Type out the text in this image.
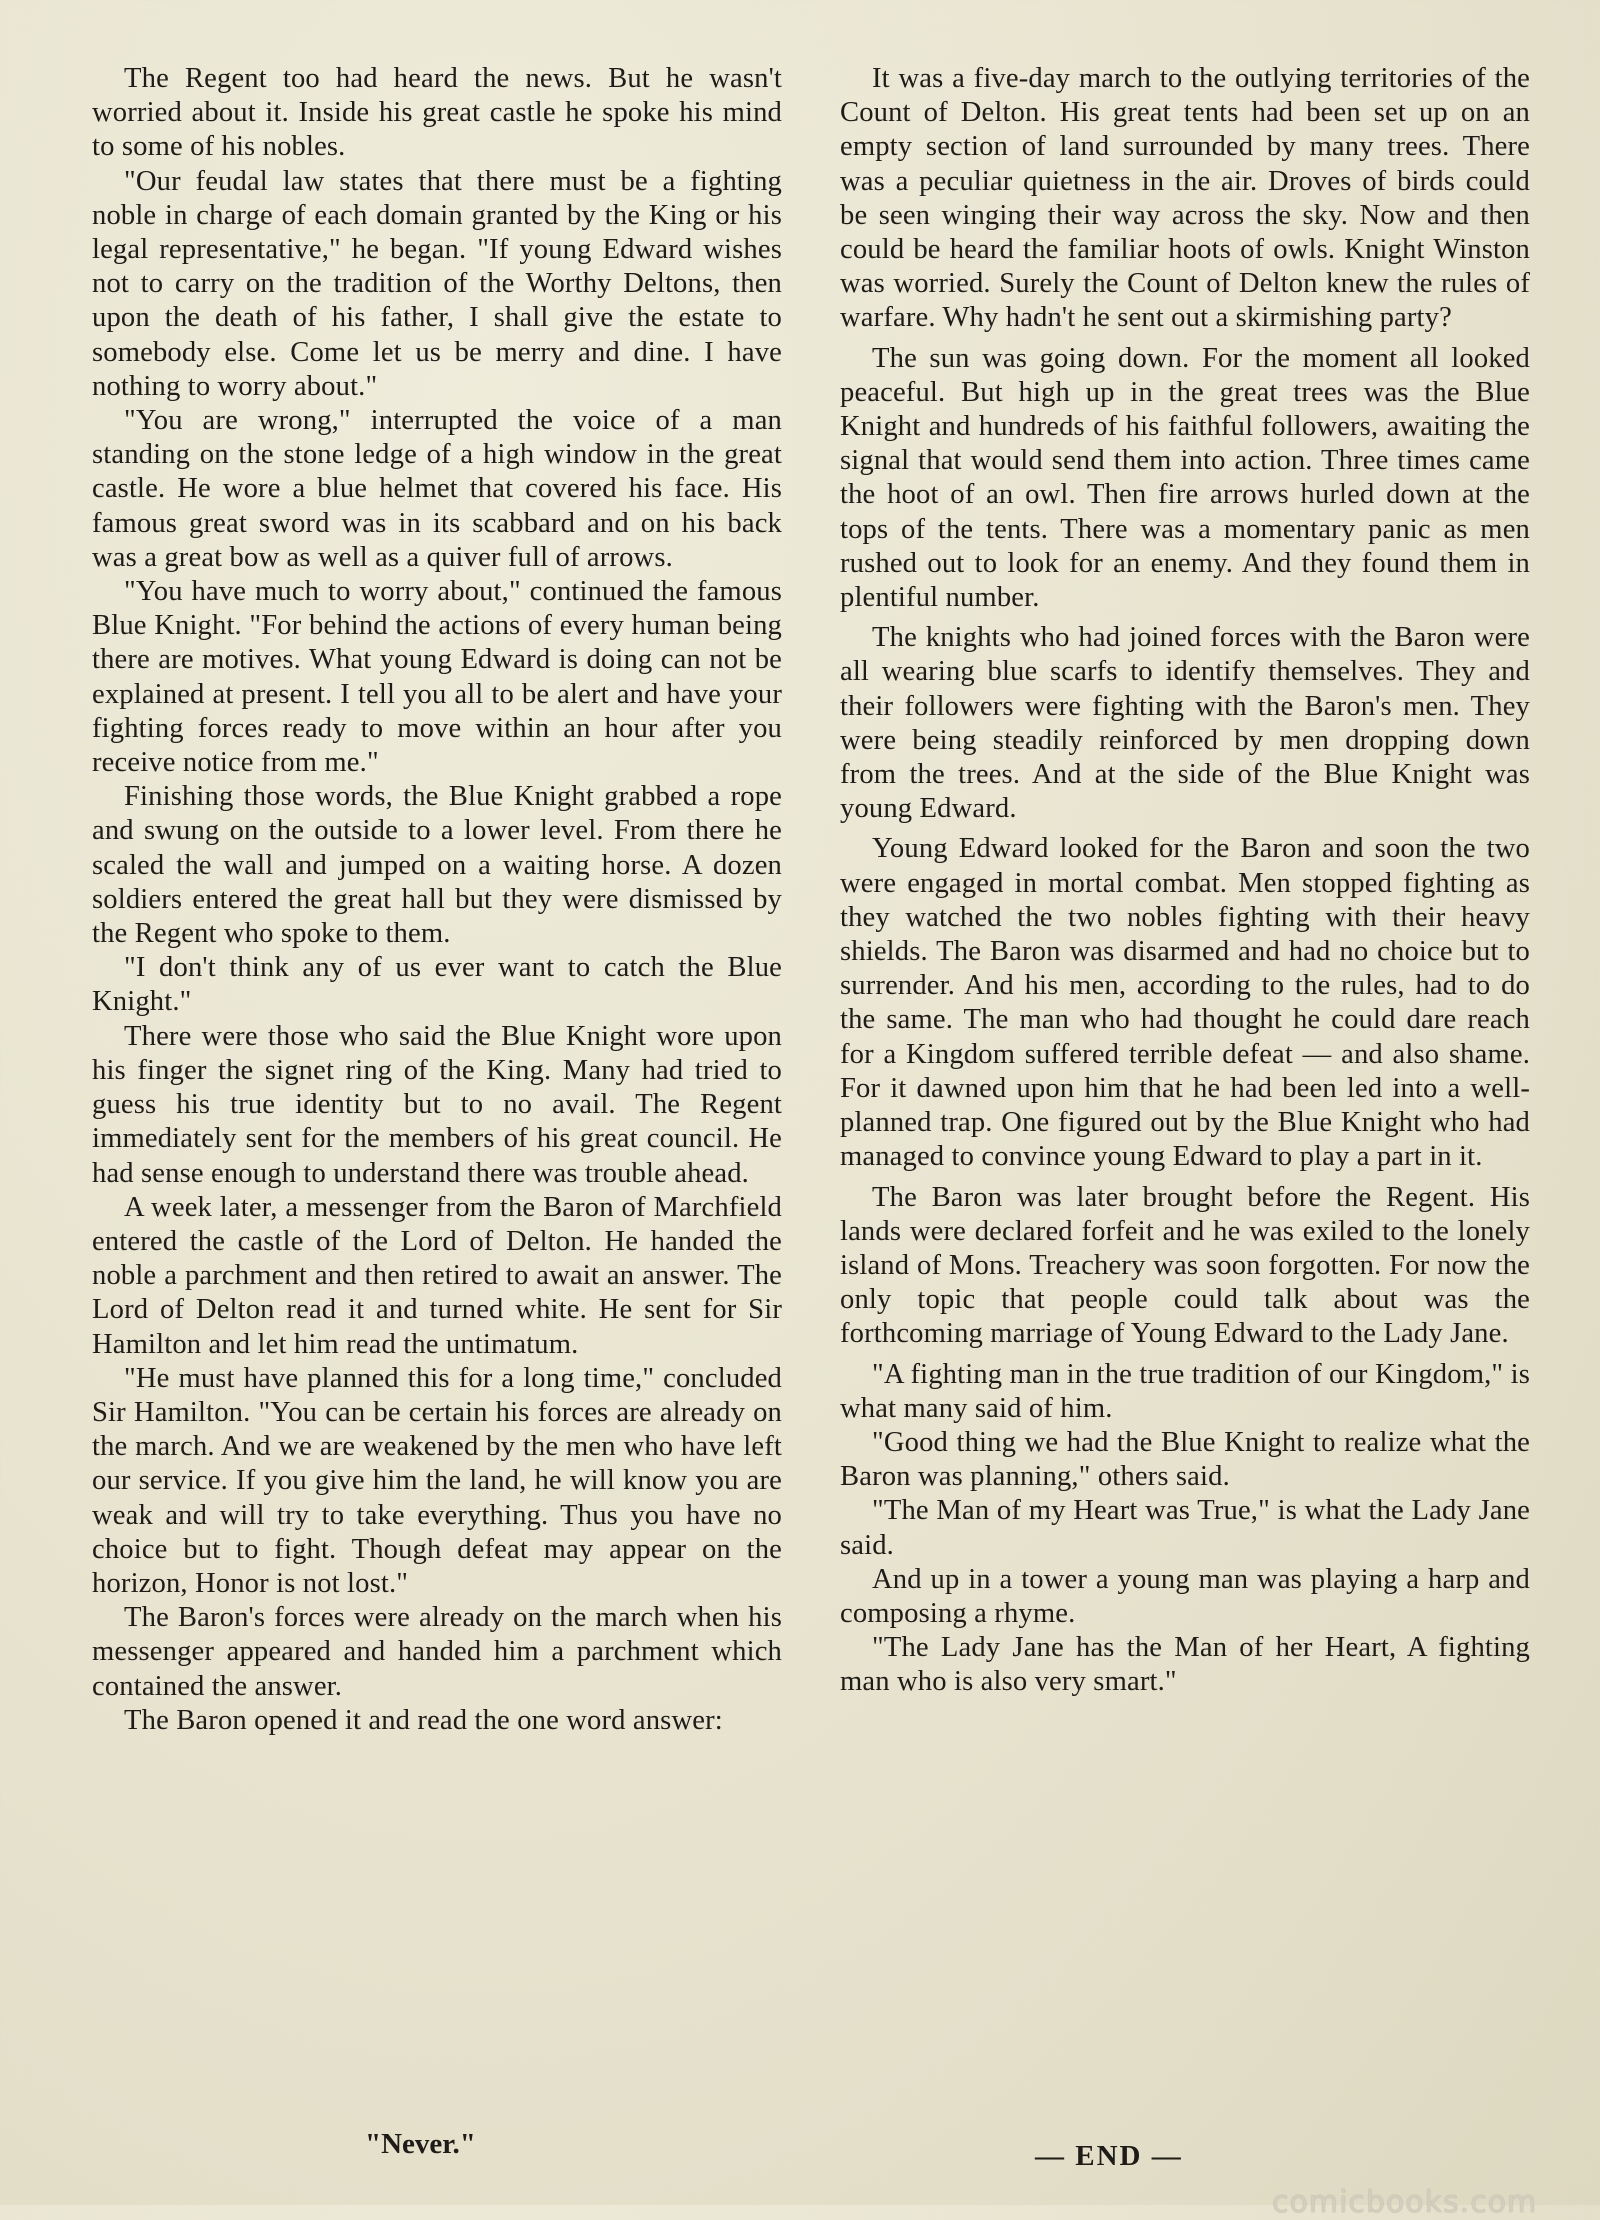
The Regent too had heard the news. But he wasn't worried about it. Inside his great castle he spoke his mind to some of his nobles.

"Our feudal law states that there must be a fighting noble in charge of each domain granted by the King or his legal representative," he began. "If young Edward wishes not to carry on the tradition of the Worthy Deltons, then upon the death of his father, I shall give the estate to somebody else. Come let us be merry and dine. I have nothing to worry about."

"You are wrong," interrupted the voice of a man standing on the stone ledge of a high window in the great castle. He wore a blue helmet that covered his face. His famous great sword was in its scabbard and on his back was a great bow as well as a quiver full of arrows.

"You have much to worry about," continued the famous Blue Knight. "For behind the actions of every human being there are motives. What young Edward is doing can not be explained at present. I tell you all to be alert and have your fighting forces ready to move within an hour after you receive notice from me."

Finishing those words, the Blue Knight grabbed a rope and swung on the outside to a lower level. From there he scaled the wall and jumped on a waiting horse. A dozen soldiers entered the great hall but they were dismissed by the Regent who spoke to them.

"I don't think any of us ever want to catch the Blue Knight."

There were those who said the Blue Knight wore upon his finger the signet ring of the King. Many had tried to guess his true identity but to no avail. The Regent immediately sent for the members of his great council. He had sense enough to understand there was trouble ahead.

A week later, a messenger from the Baron of Marchfield entered the castle of the Lord of Delton. He handed the noble a parchment and then retired to await an answer. The Lord of Delton read it and turned white. He sent for Sir Hamilton and let him read the untimatum.

"He must have planned this for a long time," concluded Sir Hamilton. "You can be certain his forces are already on the march. And we are weakened by the men who have left our service. If you give him the land, he will know you are weak and will try to take everything. Thus you have no choice but to fight. Though defeat may appear on the horizon, Honor is not lost."

The Baron's forces were already on the march when his messenger appeared and handed him a parchment which contained the answer.

The Baron opened it and read the one word answer:

"Never."

It was a five-day march to the outlying territories of the Count of Delton. His great tents had been set up on an empty section of land surrounded by many trees. There was a peculiar quietness in the air. Droves of birds could be seen winging their way across the sky. Now and then could be heard the familiar hoots of owls. Knight Winston was worried. Surely the Count of Delton knew the rules of warfare. Why hadn't he sent out a skirmishing party?

The sun was going down. For the moment all looked peaceful. But high up in the great trees was the Blue Knight and hundreds of his faithful followers, awaiting the signal that would send them into action. Three times came the hoot of an owl. Then fire arrows hurled down at the tops of the tents. There was a momentary panic as men rushed out to look for an enemy. And they found them in plentiful number.

The knights who had joined forces with the Baron were all wearing blue scarfs to identify themselves. They and their followers were fighting with the Baron's men. They were being steadily reinforced by men dropping down from the trees. And at the side of the Blue Knight was young Edward.

Young Edward looked for the Baron and soon the two were engaged in mortal combat. Men stopped fighting as they watched the two nobles fighting with their heavy shields. The Baron was disarmed and had no choice but to surrender. And his men, according to the rules, had to do the same. The man who had thought he could dare reach for a Kingdom suffered terrible defeat — and also shame. For it dawned upon him that he had been led into a well-planned trap. One figured out by the Blue Knight who had managed to convince young Edward to play a part in it.

The Baron was later brought before the Regent. His lands were declared forfeit and he was exiled to the lonely island of Mons. Treachery was soon forgotten. For now the only topic that people could talk about was the forthcoming marriage of Young Edward to the Lady Jane.

"A fighting man in the true tradition of our Kingdom," is what many said of him.

"Good thing we had the Blue Knight to realize what the Baron was planning," others said.

"The Man of my Heart was True," is what the Lady Jane said.

And up in a tower a young man was playing a harp and composing a rhyme.

"The Lady Jane has the Man of her Heart, A fighting man who is also very smart."

— END —
comicbooks.com
